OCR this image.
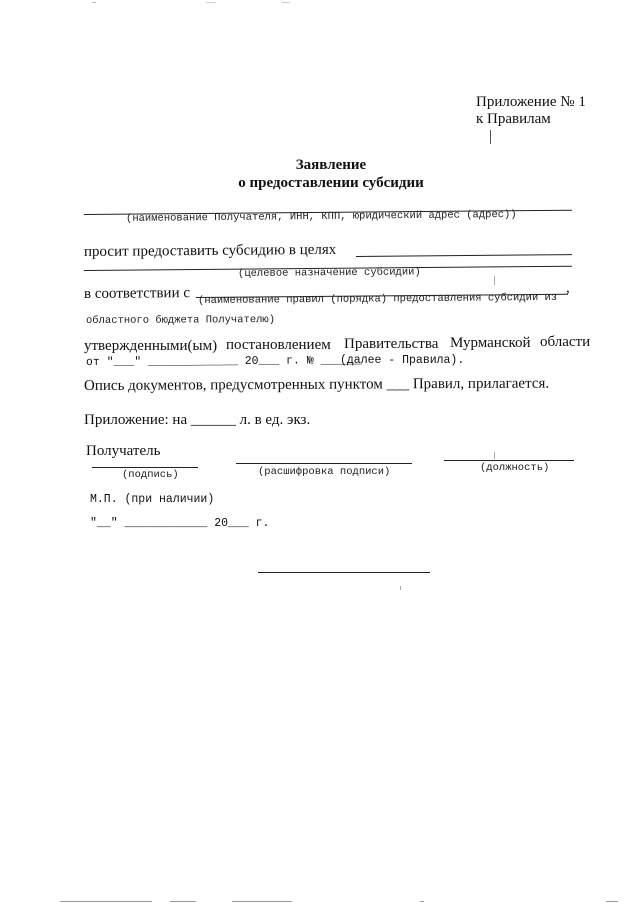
Приложение № 1
к Правилам
Заявление
о предоставлении субсидии
(наименование Получателя, ИНН, КПП, юридический адрес (адрес))
просит предоставить субсидию в целях
(целевое назначение субсидии)
в соответствии с	,
(наименование правил (порядка) предоставления субсидии из
областного бюджета Получателю)
утвержденными(ым) постановлением Правительства Мурманской области
от "___" _____________ 20___ г. № ______
(далее - Правила).
Опись документов, предусмотренных пунктом ___ Правил, прилагается.
Приложение: на ______ л. в ед. экз.
Получатель
(подпись)	(расшифровка подписи)	(должность)
М.П. (при наличии)
"__" ____________ 20___ г.
